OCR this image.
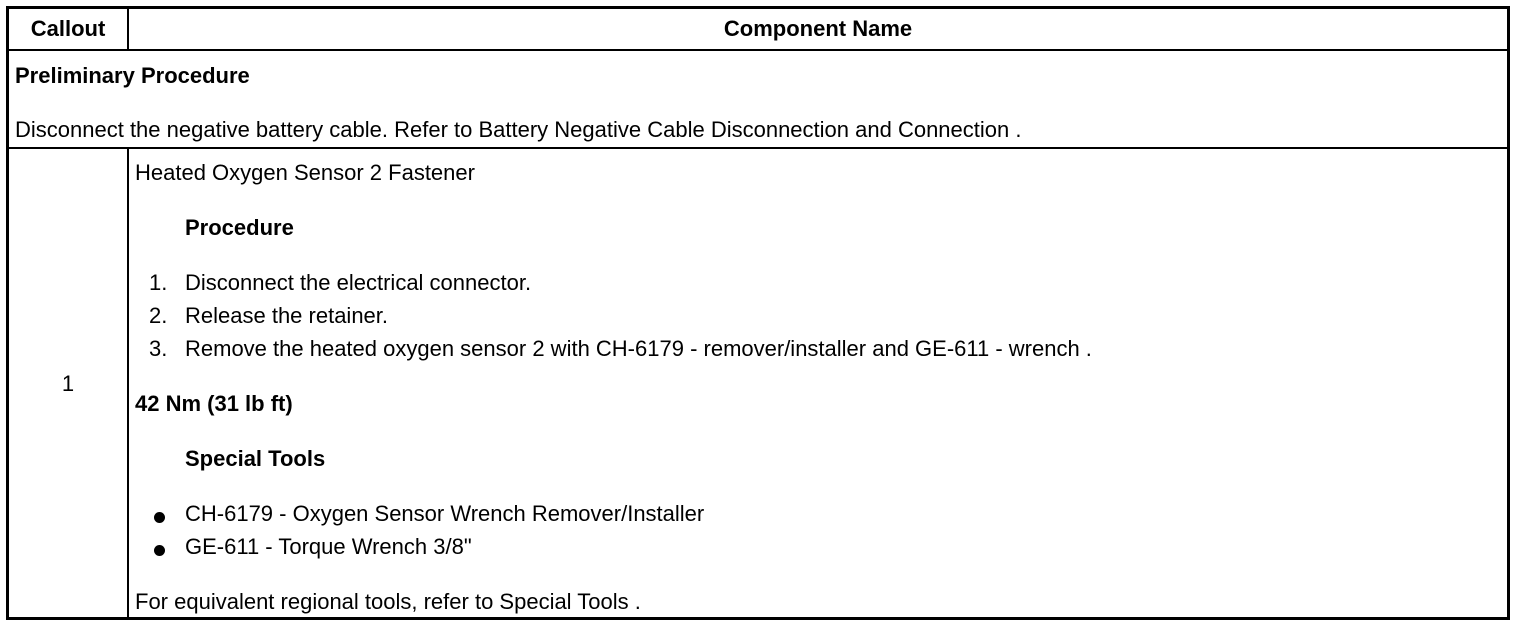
Callout	Component Name
Preliminary Procedure
Disconnect the negative battery cable. Refer to Battery Negative Cable Disconnection and Connection .
1
Heated Oxygen Sensor 2 Fastener
Procedure
1. Disconnect the electrical connector.
2. Release the retainer.
3. Remove the heated oxygen sensor 2 with CH-6179 - remover/installer and GE-611 - wrench .
42 Nm (31 lb ft)
Special Tools
CH-6179 - Oxygen Sensor Wrench Remover/Installer
GE-611 - Torque Wrench 3/8"
For equivalent regional tools, refer to Special Tools .
